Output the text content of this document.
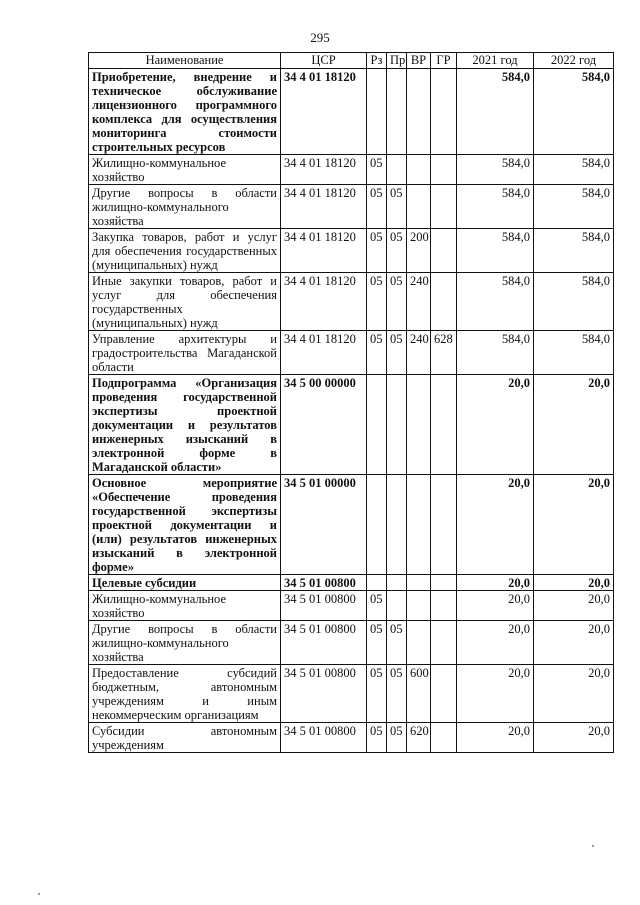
295
Наименование	ЦСР	Рз	Пр	ВР	ГР	2021 год	2022 год
Приобретение, внедрение и техническое обслуживание лицензионного программного комплекса для осуществления мониторинга стоимости строительных ресурсов	34 4 01 18120					584,0	584,0
Жилищно-коммунальное хозяйство	34 4 01 18120	05				584,0	584,0
Другие вопросы в области жилищно-коммунального хозяйства	34 4 01 18120	05	05			584,0	584,0
Закупка товаров, работ и услуг для обеспечения государственных (муниципальных) нужд	34 4 01 18120	05	05	200		584,0	584,0
Иные закупки товаров, работ и услуг для обеспечения государственных (муниципальных) нужд	34 4 01 18120	05	05	240		584,0	584,0
Управление архитектуры и градостроительства Магаданской области	34 4 01 18120	05	05	240	628	584,0	584,0
Подпрограмма «Организация проведения государственной экспертизы проектной документации и результатов инженерных изысканий в электронной форме в Магаданской области»	34 5 00 00000					20,0	20,0
Основное мероприятие «Обеспечение проведения государственной экспертизы проектной документации и (или) результатов инженерных изысканий в электронной форме»	34 5 01 00000					20,0	20,0
Целевые субсидии	34 5 01 00800					20,0	20,0
Жилищно-коммунальное хозяйство	34 5 01 00800	05				20,0	20,0
Другие вопросы в области жилищно-коммунального хозяйства	34 5 01 00800	05	05			20,0	20,0
Предоставление субсидий бюджетным, автономным учреждениям и иным некоммерческим организациям	34 5 01 00800	05	05	600		20,0	20,0
Субсидии автономным учреждениям	34 5 01 00800	05	05	620		20,0	20,0
